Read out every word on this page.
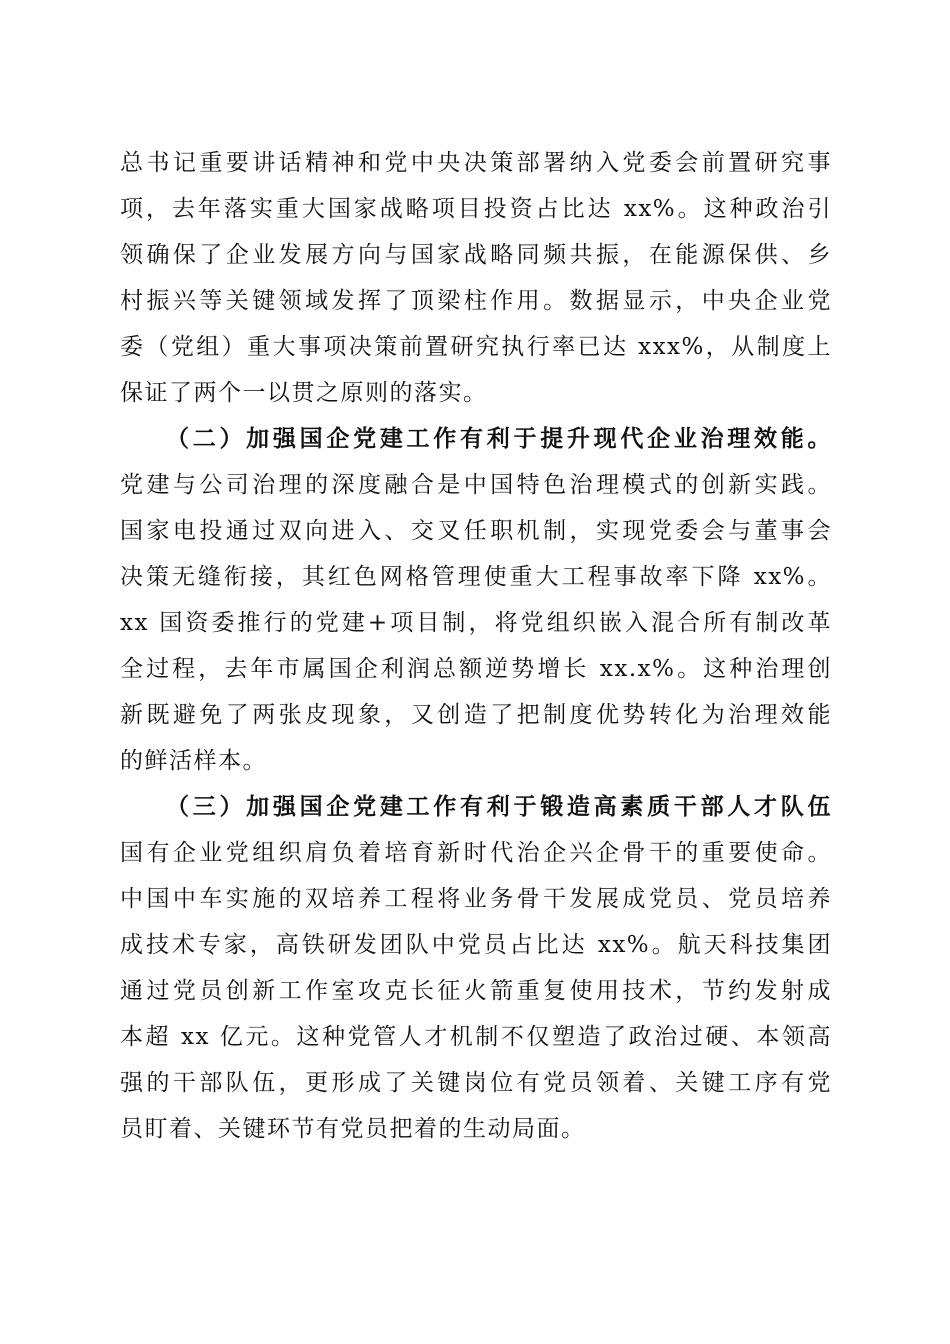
总书记重要讲话精神和党中央决策部署纳入党委会前置研究事
项，去年落实重大国家战略项目投资占比达 xx%。这种政治引
领确保了企业发展方向与国家战略同频共振，在能源保供、乡
村振兴等关键领域发挥了顶梁柱作用。数据显示，中央企业党
委（党组）重大事项决策前置研究执行率已达 xxx%，从制度上
保证了两个一以贯之原则的落实。
（二）加强国企党建工作有利于提升现代企业治理效能。
党建与公司治理的深度融合是中国特色治理模式的创新实践。
国家电投通过双向进入、交叉任职机制，实现党委会与董事会
决策无缝衔接，其红色网格管理使重大工程事故率下降 xx%。
xx 国资委推行的党建+项目制，将党组织嵌入混合所有制改革
全过程，去年市属国企利润总额逆势增长 xx.x%。这种治理创
新既避免了两张皮现象，又创造了把制度优势转化为治理效能
的鲜活样本。
（三）加强国企党建工作有利于锻造高素质干部人才队伍
国有企业党组织肩负着培育新时代治企兴企骨干的重要使命。
中国中车实施的双培养工程将业务骨干发展成党员、党员培养
成技术专家，高铁研发团队中党员占比达 xx%。航天科技集团
通过党员创新工作室攻克长征火箭重复使用技术，节约发射成
本超 xx 亿元。这种党管人才机制不仅塑造了政治过硬、本领高
强的干部队伍，更形成了关键岗位有党员领着、关键工序有党
员盯着、关键环节有党员把着的生动局面。
